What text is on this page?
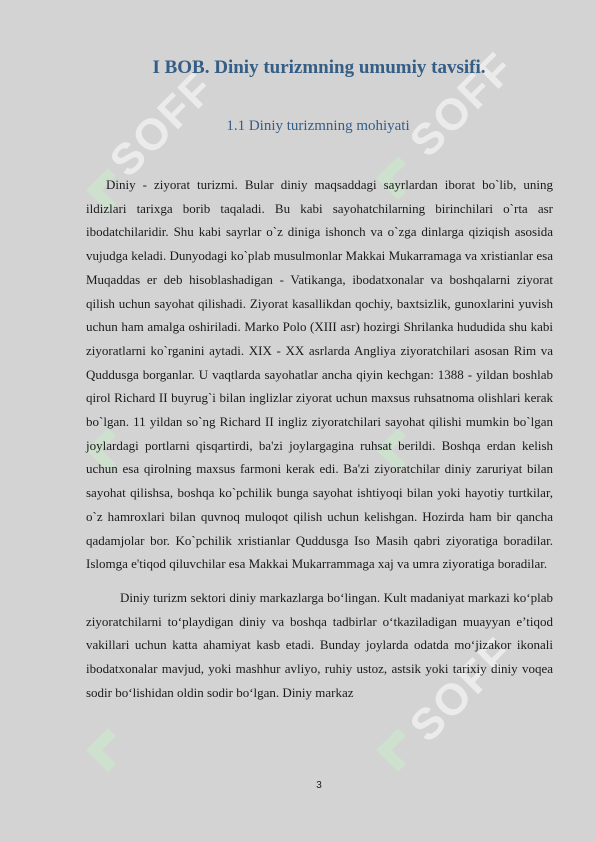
SOFF	SOFF
SOFF
I BOB. Diniy turizmning umumiy tavsifi.
1.1 Diniy turizmning mohiyati

Diniy - ziyorat turizmi. Bular diniy maqsaddagi sayrlardan iborat bo`lib, uning ildizlari tarixga borib taqaladi. Bu kabi sayohatchilarning birinchilari o`rta asr ibodatchilaridir. Shu kabi sayrlar o`z diniga ishonch va o`zga dinlarga qiziqish asosida vujudga keladi. Dunyodagi ko`plab musulmonlar Makkai Mukarramaga va xristianlar esa Muqaddas er deb hisoblashadigan - Vatikanga, ibodatxonalar va boshqalarni ziyorat qilish uchun sayohat qilishadi. Ziyorat kasallikdan qochiy, baxtsizlik, gunoxlarini yuvish uchun ham amalga oshiriladi. Marko Polo (XIII asr) hozirgi Shrilanka hududida shu kabi ziyoratlarni ko`rganini aytadi. XIX - XX asrlarda Angliya ziyoratchilari asosan Rim va Quddusga borganlar. U vaqtlarda sayohatlar ancha qiyin kechgan: 1388 - yildan boshlab qirol Richard II buyrug`i bilan inglizlar ziyorat uchun maxsus ruhsatnoma olishlari kerak bo`lgan. 11 yildan so`ng Richard II ingliz ziyoratchilari sayohat qilishi mumkin bo`lgan joylardagi portlarni qisqartirdi, ba'zi joylargagina ruhsat berildi. Boshqa erdan kelish uchun esa qirolning maxsus farmoni kerak edi. Ba'zi ziyoratchilar diniy zaruriyat bilan sayohat qilishsa, boshqa ko`pchilik bunga sayohat ishtiyoqi bilan yoki hayotiy turtkilar, o`z hamroxlari bilan quvnoq muloqot qilish uchun kelishgan. Hozirda ham bir qancha qadamjolar bor. Ko`pchilik xristianlar Quddusga Iso Masih qabri ziyoratiga boradilar. Islomga e'tiqod qiluvchilar esa Makkai Mukarrammaga xaj va umra ziyoratiga boradilar.

Diniy turizm sektori diniy markazlarga bo‘lingan. Kult madaniyat markazi ko‘plab ziyoratchilarni to‘playdigan diniy va boshqa tadbirlar o‘tkaziladigan muayyan e’tiqod vakillari uchun katta ahamiyat kasb etadi. Bunday joylarda odatda mo‘jizakor ikonali ibodatxonalar mavjud, yoki mashhur avliyo, ruhiy ustoz, astsik yoki tarixiy diniy voqea sodir bo‘lishidan oldin sodir bo‘lgan. Diniy markaz

3
